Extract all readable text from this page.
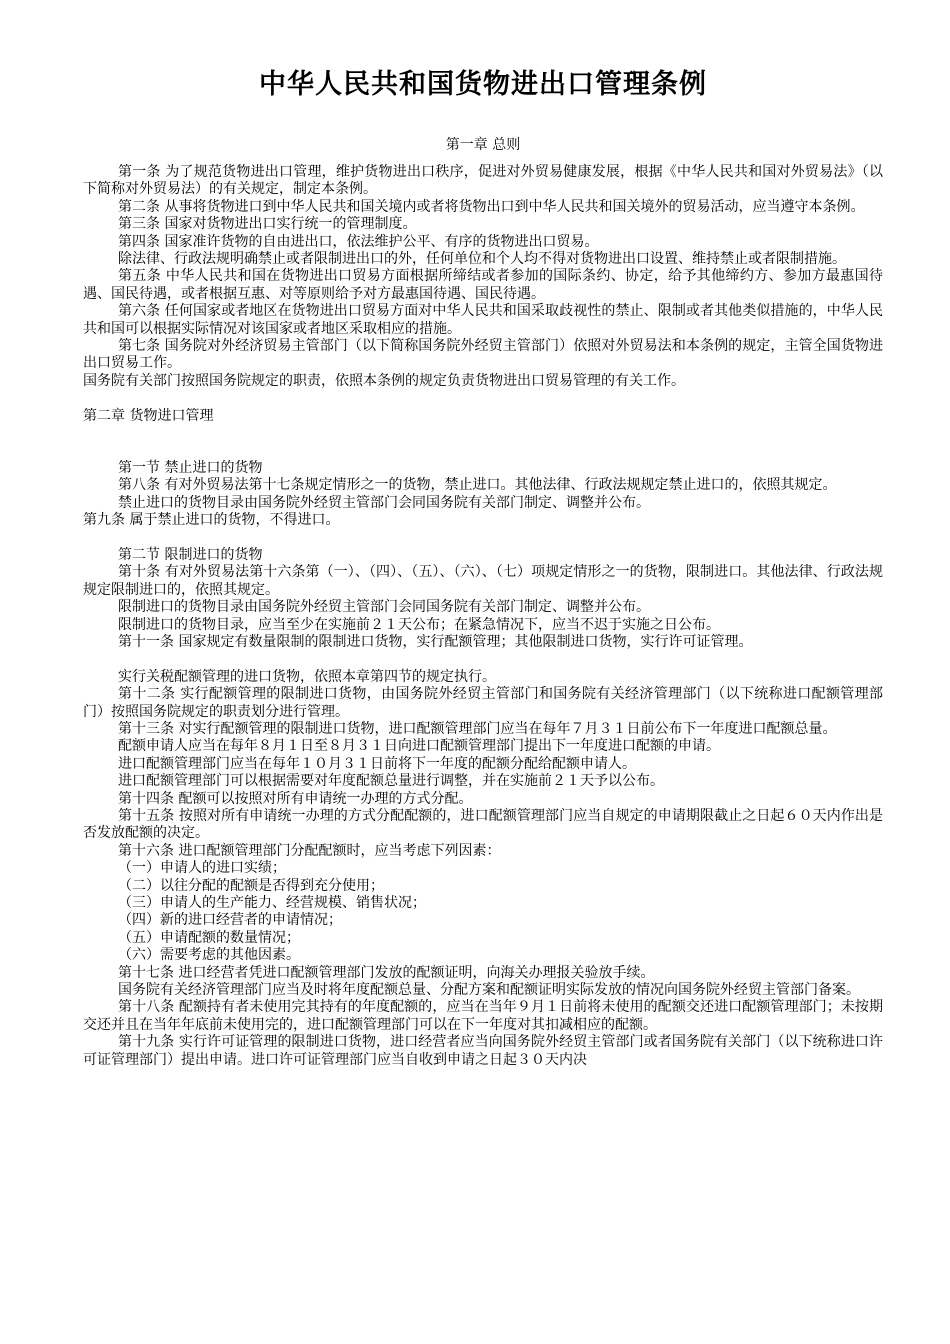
中华人民共和国货物进出口管理条例
第一章 总则

第一条 为了规范货物进出口管理，维护货物进出口秩序，促进对外贸易健康发展，根据《中华人民共和国对外贸易法》（以下简称对外贸易法）的有关规定，制定本条例。

第二条 从事将货物进口到中华人民共和国关境内或者将货物出口到中华人民共和国关境外的贸易活动，应当遵守本条例。

第三条 国家对货物进出口实行统一的管理制度。

第四条 国家准许货物的自由进出口，依法维护公平、有序的货物进出口贸易。

除法律、行政法规明确禁止或者限制进出口的外，任何单位和个人均不得对货物进出口设置、维持禁止或者限制措施。

第五条 中华人民共和国在货物进出口贸易方面根据所缔结或者参加的国际条约、协定，给予其他缔约方、参加方最惠国待遇、国民待遇，或者根据互惠、对等原则给予对方最惠国待遇、国民待遇。

第六条 任何国家或者地区在货物进出口贸易方面对中华人民共和国采取歧视性的禁止、限制或者其他类似措施的，中华人民共和国可以根据实际情况对该国家或者地区采取相应的措施。

第七条 国务院对外经济贸易主管部门（以下简称国务院外经贸主管部门）依照对外贸易法和本条例的规定，主管全国货物进出口贸易工作。

国务院有关部门按照国务院规定的职责，依照本条例的规定负责货物进出口贸易管理的有关工作。

第二章 货物进口管理

第一节 禁止进口的货物

第八条 有对外贸易法第十七条规定情形之一的货物，禁止进口。其他法律、行政法规规定禁止进口的，依照其规定。

禁止进口的货物目录由国务院外经贸主管部门会同国务院有关部门制定、调整并公布。

第九条 属于禁止进口的货物，不得进口。

第二节 限制进口的货物

第十条 有对外贸易法第十六条第（一）、（四）、（五）、（六）、（七）项规定情形之一的货物，限制进口。其他法律、行政法规规定限制进口的，依照其规定。

限制进口的货物目录由国务院外经贸主管部门会同国务院有关部门制定、调整并公布。

限制进口的货物目录，应当至少在实施前２１天公布；在紧急情况下，应当不迟于实施之日公布。

第十一条 国家规定有数量限制的限制进口货物，实行配额管理；其他限制进口货物，实行许可证管理。

实行关税配额管理的进口货物，依照本章第四节的规定执行。

第十二条 实行配额管理的限制进口货物，由国务院外经贸主管部门和国务院有关经济管理部门（以下统称进口配额管理部门）按照国务院规定的职责划分进行管理。

第十三条 对实行配额管理的限制进口货物，进口配额管理部门应当在每年７月３１日前公布下一年度进口配额总量。

配额申请人应当在每年８月１日至８月３１日向进口配额管理部门提出下一年度进口配额的申请。

进口配额管理部门应当在每年１０月３１日前将下一年度的配额分配给配额申请人。

进口配额管理部门可以根据需要对年度配额总量进行调整，并在实施前２１天予以公布。

第十四条 配额可以按照对所有申请统一办理的方式分配。

第十五条 按照对所有申请统一办理的方式分配配额的，进口配额管理部门应当自规定的申请期限截止之日起６０天内作出是否发放配额的决定。

第十六条 进口配额管理部门分配配额时，应当考虑下列因素：

（一）申请人的进口实绩；

（二）以往分配的配额是否得到充分使用；

（三）申请人的生产能力、经营规模、销售状况；

（四）新的进口经营者的申请情况；

（五）申请配额的数量情况；

（六）需要考虑的其他因素。

第十七条 进口经营者凭进口配额管理部门发放的配额证明，向海关办理报关验放手续。

国务院有关经济管理部门应当及时将年度配额总量、分配方案和配额证明实际发放的情况向国务院外经贸主管部门备案。

第十八条 配额持有者未使用完其持有的年度配额的，应当在当年９月１日前将未使用的配额交还进口配额管理部门；未按期交还并且在当年年底前未使用完的，进口配额管理部门可以在下一年度对其扣减相应的配额。

第十九条 实行许可证管理的限制进口货物，进口经营者应当向国务院外经贸主管部门或者国务院有关部门（以下统称进口许可证管理部门）提出申请。进口许可证管理部门应当自收到申请之日起３０天内决
